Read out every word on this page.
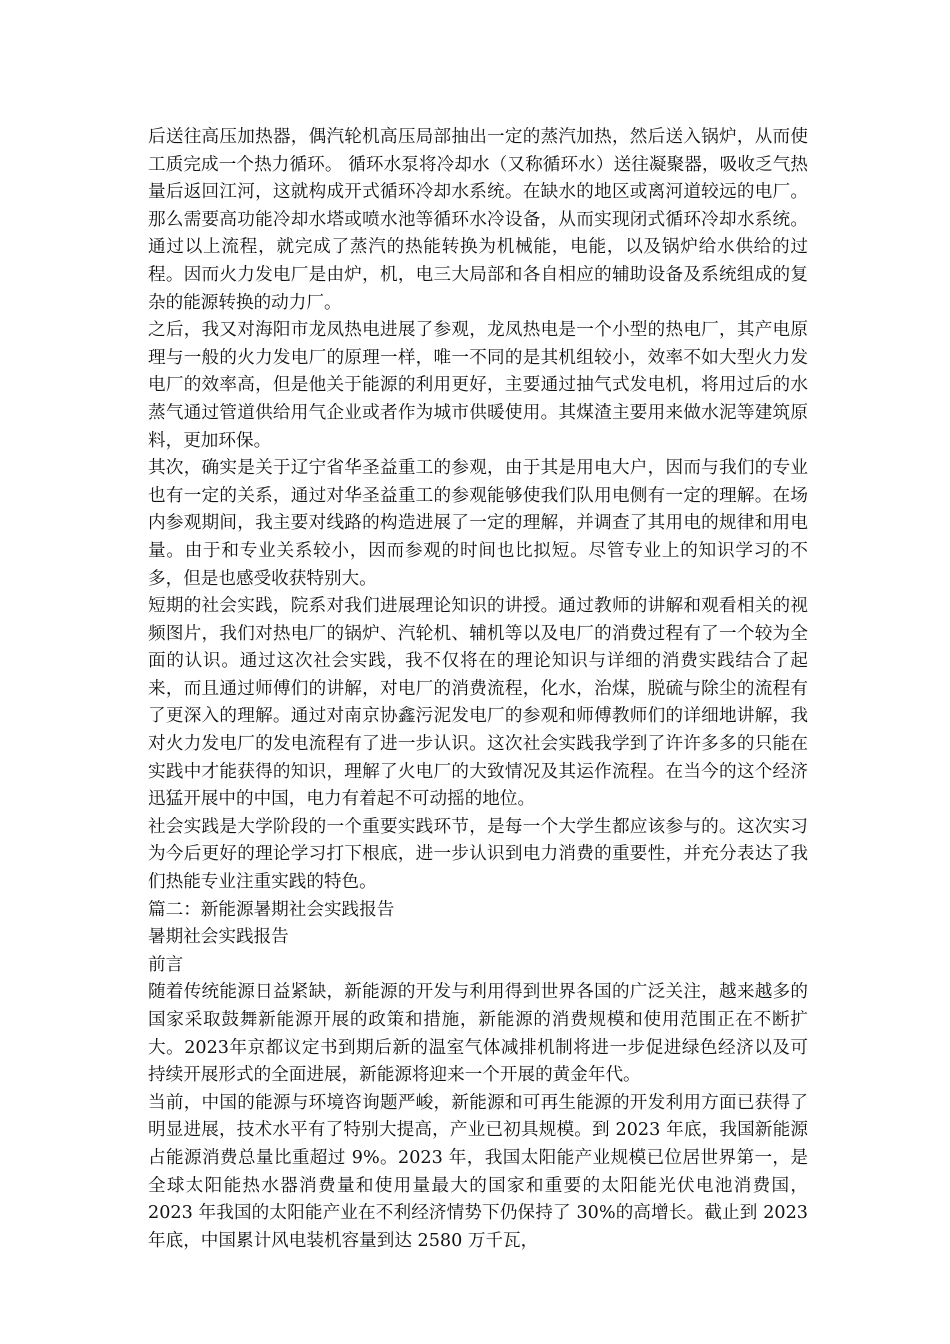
后送往高压加热器，偶汽轮机高压局部抽出一定的蒸汽加热，然后送入锅炉，从而使工质完成一个热力循环。 循环水泵将冷却水（又称循环水）送往凝聚器，吸收乏气热量后返回江河，这就构成开式循环冷却水系统。在缺水的地区或离河道较远的电厂。那么需要高功能冷却水塔或喷水池等循环水冷设备，从而实现闭式循环冷却水系统。 通过以上流程，就完成了蒸汽的热能转换为机械能，电能，以及锅炉给水供给的过程。因而火力发电厂是由炉，机，电三大局部和各自相应的辅助设备及系统组成的复杂的能源转换的动力厂。

之后，我又对海阳市龙凤热电进展了参观，龙凤热电是一个小型的热电厂，其产电原理与一般的火力发电厂的原理一样，唯一不同的是其机组较小，效率不如大型火力发电厂的效率高，但是他关于能源的利用更好，主要通过抽气式发电机，将用过后的水蒸气通过管道供给用气企业或者作为城市供暖使用。其煤渣主要用来做水泥等建筑原料，更加环保。

其次，确实是关于辽宁省华圣益重工的参观，由于其是用电大户，因而与我们的专业也有一定的关系，通过对华圣益重工的参观能够使我们队用电侧有一定的理解。在场内参观期间，我主要对线路的构造进展了一定的理解，并调查了其用电的规律和用电量。由于和专业关系较小，因而参观的时间也比拟短。尽管专业上的知识学习的不多，但是也感受收获特别大。

短期的社会实践，院系对我们进展理论知识的讲授。通过教师的讲解和观看相关的视频图片，我们对热电厂的锅炉、汽轮机、辅机等以及电厂的消费过程有了一个较为全面的认识。通过这次社会实践，我不仅将在的理论知识与详细的消费实践结合了起来，而且通过师傅们的讲解，对电厂的消费流程，化水，治煤，脱硫与除尘的流程有了更深入的理解。通过对南京协鑫污泥发电厂的参观和师傅教师们的详细地讲解，我对火力发电厂的发电流程有了进一步认识。这次社会实践我学到了许许多多的只能在实践中才能获得的知识，理解了火电厂的大致情况及其运作流程。在当今的这个经济迅猛开展中的中国，电力有着起不可动摇的地位。

社会实践是大学阶段的一个重要实践环节，是每一个大学生都应该参与的。这次实习为今后更好的理论学习打下根底，进一步认识到电力消费的重要性，并充分表达了我们热能专业注重实践的特色。

篇二：新能源暑期社会实践报告

暑期社会实践报告

前言

随着传统能源日益紧缺，新能源的开发与利用得到世界各国的广泛关注，越来越多的国家采取鼓舞新能源开展的政策和措施，新能源的消费规模和使用范围正在不断扩大。2023年京都议定书到期后新的温室气体减排机制将进一步促进绿色经济以及可持续开展形式的全面进展，新能源将迎来一个开展的黄金年代。

当前，中国的能源与环境咨询题严峻，新能源和可再生能源的开发利用方面已获得了明显进展，技术水平有了特别大提高，产业已初具规模。到 2023 年底，我国新能源占能源消费总量比重超过 9%。2023 年，我国太阳能产业规模已位居世界第一，是全球太阳能热水器消费量和使用量最大的国家和重要的太阳能光伏电池消费国，2023 年我国的太阳能产业在不利经济情势下仍保持了 30%的高增长。截止到 2023 年底，中国累计风电装机容量到达 2580 万千瓦，
